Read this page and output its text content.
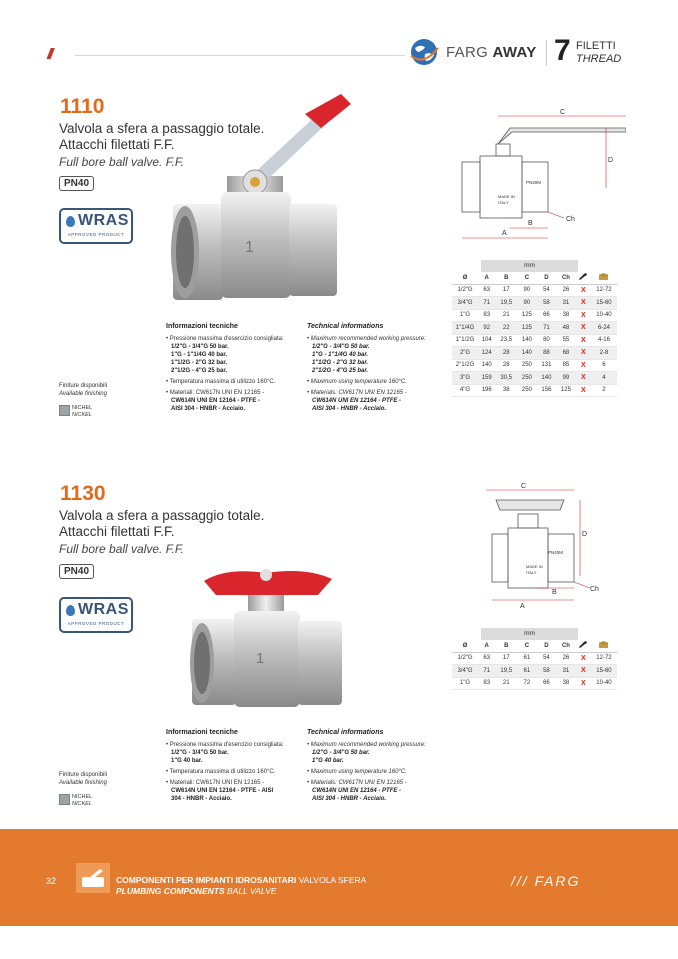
///	FARG AWAY 7 FILETTI
THREAD
1110
Valvola a sfera a passaggio totale.
Attacchi filettati F.F.
Full bore ball valve. F.F.
PN40
WRAS
APPROVED PRODUCT
1
Informazioni tecniche
• Pressione massima d'esercizio consigliata:
1/2"G - 3/4"G 50 bar.
1"G - 1"1/4G 40 bar.
1"1/2G - 2"G 32 bar.
2"1/2G - 4"G 25 bar.
• Temperatura massima di utilizzo 160°C.
• Materiali: CW617N UNI EN 12165 -
CW614N UNI EN 12164 - PTFE -
AISI 304 - HNBR - Acciaio.
Technical informations
• Maximum recommended working pressure:
1/2"G - 3/4"G 50 bar.
1"G - 1"1/4G 40 bar.
1"1/2G - 2"G 32 bar.
2"1/2G - 4"G 25 bar.
• Maximum using temperature 160°C.
• Materials: CW617N UNI EN 12165 -
CW614N UNI EN 12164 - PTFE -
AISI 304 - HNBR - Acciaio.
Finiture disponibili
Available finishing
NICHEL
NICKEL
A
B
C
D
Ch
PN40M
MADE IN
ITALY
mm
Ø	A	B	C	D	Ch		
1/2"G	63	17	90	54	26	X	12-72
3/4"G	71	19,5	90	58	31	X	15-60
1"G	83	21	125	66	38	X	10-40
1"1/4G	92	22	125	71	48	X	6-24
1"1/2G	104	23,5	140	80	55	X	4-16
2"G	124	28	140	88	68	X	2-8
2"1/2G	140	28	250	131	85	X	6
3"G	159	30,5	250	140	99	X	4
4"G	196	38	250	156	125	X	2
1130
Valvola a sfera a passaggio totale.
Attacchi filettati F.F.
Full bore ball valve. F.F.
PN40
WRAS
APPROVED PRODUCT
1
Informazioni tecniche
• Pressione massima d'esercizio consigliata:
1/2"G - 3/4"G 50 bar.
1"G 40 bar.
• Temperatura massima di utilizzo 160°C.
• Materiali: CW617N UNI EN 12165 -
CW614N UNI EN 12164 - PTFE - AISI
304 - HNBR - Acciaio.
Technical informations
• Maximum recommended working pressure:
1/2"G - 3/4"G 50 bar.
1"G 40 bar.
• Maximum using temperature 160°C.
• Materials: CW617N UNI EN 12165 -
CW614N UNI EN 12164 - PTFE -
AISI 304 - HNBR - Acciaio.
Finiture disponibili
Available finishing
NICHEL
NICKEL
A
B
C
D
Ch
PN40M
MADE IN
ITALY
mm
Ø	A	B	C	D	Ch		
1/2"G	63	17	61	54	26	X	12-72
3/4"G	71	19,5	61	58	31	X	15-60
1"G	83	21	72	66	38	X	10-40
32	COMPONENTI PER IMPIANTI IDROSANITARI VALVOLA SFERA
PLUMBING COMPONENTS BALL VALVE
/// FARG
